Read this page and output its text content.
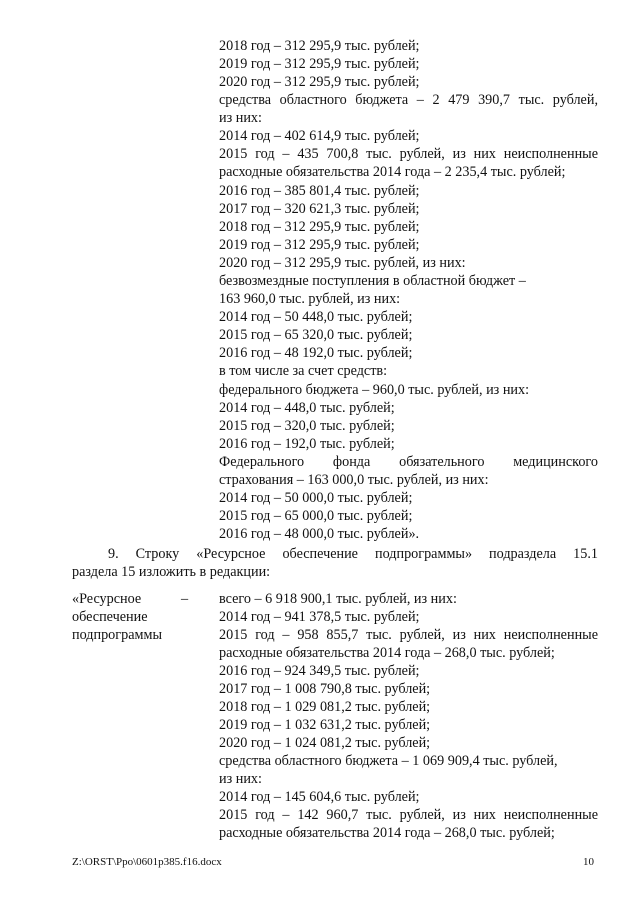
2018 год – 312 295,9 тыс. рублей;
2019 год – 312 295,9 тыс. рублей;
2020 год – 312 295,9 тыс. рублей;
средства областного бюджета – 2 479 390,7 тыс. рублей,
из них:
2014 год – 402 614,9 тыс. рублей;
2015 год – 435 700,8 тыс. рублей, из них неисполненные
расходные обязательства 2014 года – 2 235,4 тыс. рублей;
2016 год – 385 801,4 тыс. рублей;
2017 год – 320 621,3 тыс. рублей;
2018 год – 312 295,9 тыс. рублей;
2019 год – 312 295,9 тыс. рублей;
2020 год – 312 295,9 тыс. рублей, из них:
безвозмездные поступления в областной бюджет –
163 960,0 тыс. рублей, из них:
2014 год – 50 448,0 тыс. рублей;
2015 год – 65 320,0 тыс. рублей;
2016 год – 48 192,0 тыс. рублей;
в том числе за счет средств:
федерального бюджета – 960,0 тыс. рублей, из них:
2014 год – 448,0 тыс. рублей;
2015 год – 320,0 тыс. рублей;
2016 год – 192,0 тыс. рублей;
Федерального фонда обязательного медицинского
страхования – 163 000,0 тыс. рублей, из них:
2014 год – 50 000,0 тыс. рублей;
2015 год – 65 000,0 тыс. рублей;
2016 год – 48 000,0 тыс. рублей».
9. Строку «Ресурсное обеспечение подпрограммы» подраздела 15.1
раздела 15 изложить в редакции:
«Ресурсное
обеспечение
подпрограммы
– всего – 6 918 900,1 тыс. рублей, из них:
2014 год – 941 378,5 тыс. рублей;
2015 год – 958 855,7 тыс. рублей, из них неисполненные
расходные обязательства 2014 года – 268,0 тыс. рублей;
2016 год – 924 349,5 тыс. рублей;
2017 год – 1 008 790,8 тыс. рублей;
2018 год – 1 029 081,2 тыс. рублей;
2019 год – 1 032 631,2 тыс. рублей;
2020 год – 1 024 081,2 тыс. рублей;
средства областного бюджета – 1 069 909,4 тыс. рублей,
из них:
2014 год – 145 604,6 тыс. рублей;
2015 год – 142 960,7 тыс. рублей, из них неисполненные
расходные обязательства 2014 года – 268,0 тыс. рублей;
Z:\ORST\Ppo\0601p385.f16.docx	10
